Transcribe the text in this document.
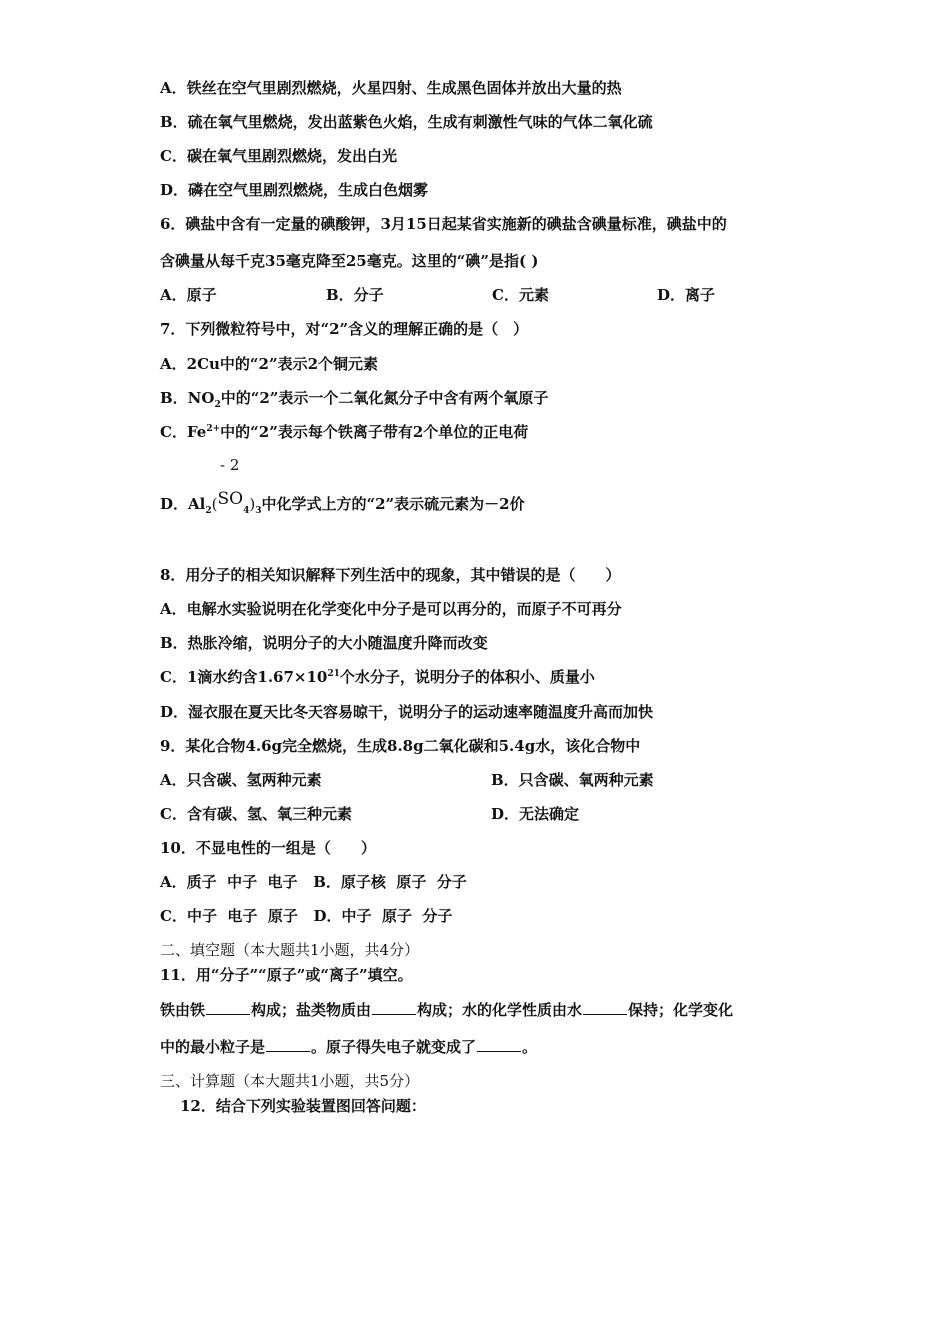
A．铁丝在空气里剧烈燃烧，火星四射、生成黑色固体并放出大量的热
B．硫在氧气里燃烧，发出蓝紫色火焰，生成有刺激性气味的气体二氧化硫
C．碳在氧气里剧烈燃烧，发出白光
D．磷在空气里剧烈燃烧，生成白色烟雾
6．碘盐中含有一定量的碘酸钾，3月15日起某省实施新的碘盐含碘量标准，碘盐中的
含碘量从每千克35毫克降至25毫克。这里的“碘”是指( )
A．原子	B．分子	C．元素	D．离子
7．下列微粒符号中，对“2”含义的理解正确的是（　）
A．2Cu中的“2”表示2个铜元素
B．$NO_2$中的“2”表示一个二氧化氮分子中含有两个氧原子
C．$Fe^{2+}$中的“2”表示每个铁离子带有2个单位的正电荷
- 2
D．$Al_2(SO_4)_3$中化学式上方的“2”表示硫元素为－2价
8．用分子的相关知识解释下列生活中的现象，其中错误的是（　　）
A．电解水实验说明在化学变化中分子是可以再分的，而原子不可再分
B．热胀冷缩，说明分子的大小随温度升降而改变
C．1滴水约含$1.67\times 10^{21}$个水分子，说明分子的体积小、质量小
D．湿衣服在夏天比冬天容易晾干，说明分子的运动速率随温度升高而加快
9．某化合物4.6g完全燃烧，生成8.8g二氧化碳和5.4g水，该化合物中
A．只含碳、氢两种元素	B．只含碳、氧两种元素
C．含有碳、氢、氧三种元素	D．无法确定
10．不显电性的一组是（　　）
A．质子  中子  电子   B．原子核  原子  分子
C．中子  电子  原子   D．中子  原子  分子
二、填空题（本大题共1小题，共4分）
11．用“分子”“原子”或“离子”填空。
铁由铁	构成；盐类物质由	构成；水的化学性质由水	保持；化学变化
中的最小粒子是	。原子得失电子就变成了	。
三、计算题（本大题共1小题，共5分）
12．结合下列实验装置图回答问题：
